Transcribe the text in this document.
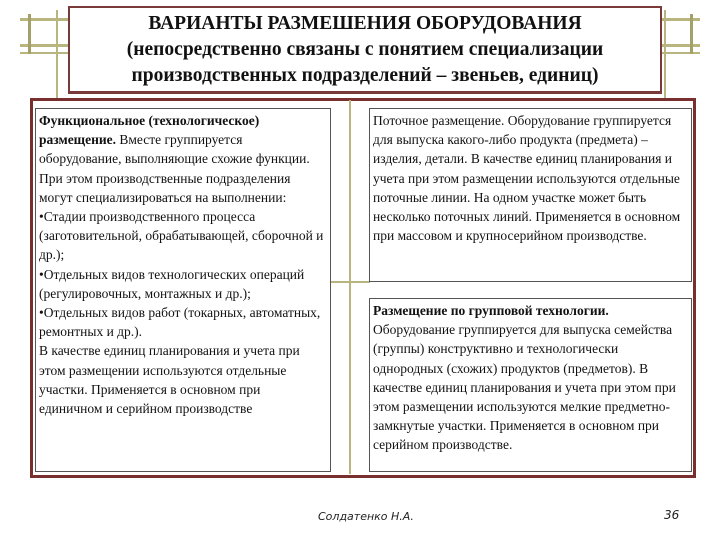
ВАРИАНТЫ РАЗМЕШЕНИЯ ОБОРУДОВАНИЯ
(непосредственно связаны с понятием специализации
производственных подразделений – звеньев, единиц)

Функциональное (технологическое) размещение. Вместе группируется оборудование, выполняющие схожие функции. При этом производственные подразделения могут специализироваться на выполнении:

•Стадии производственного процесса (заготовительной, обрабатывающей, сборочной и др.);

•Отдельных видов технологических операций (регулировочных, монтажных и др.);

•Отдельных видов работ (токарных, автоматных, ремонтных и др.).

В качестве единиц планирования и учета при этом размещении используются отдельные участки. Применяется в основном при единичном и серийном производстве

Поточное размещение. Оборудование группируется для выпуска какого-либо продукта (предмета) – изделия, детали. В качестве единиц планирования и учета при этом размещении используются отдельные поточные линии. На одном участке может быть несколько поточных линий. Применяется в основном при массовом и крупносерийном производстве.

Размещение по групповой технологии.

Оборудование группируется для выпуска семейства (группы) конструктивно и технологически однородных (схожих) продуктов (предметов). В качестве единиц планирования и учета при этом при этом размещении используются мелкие предметно-замкнутые участки. Применяется в основном при серийном производстве.

Солдатенко Н.А.	36
